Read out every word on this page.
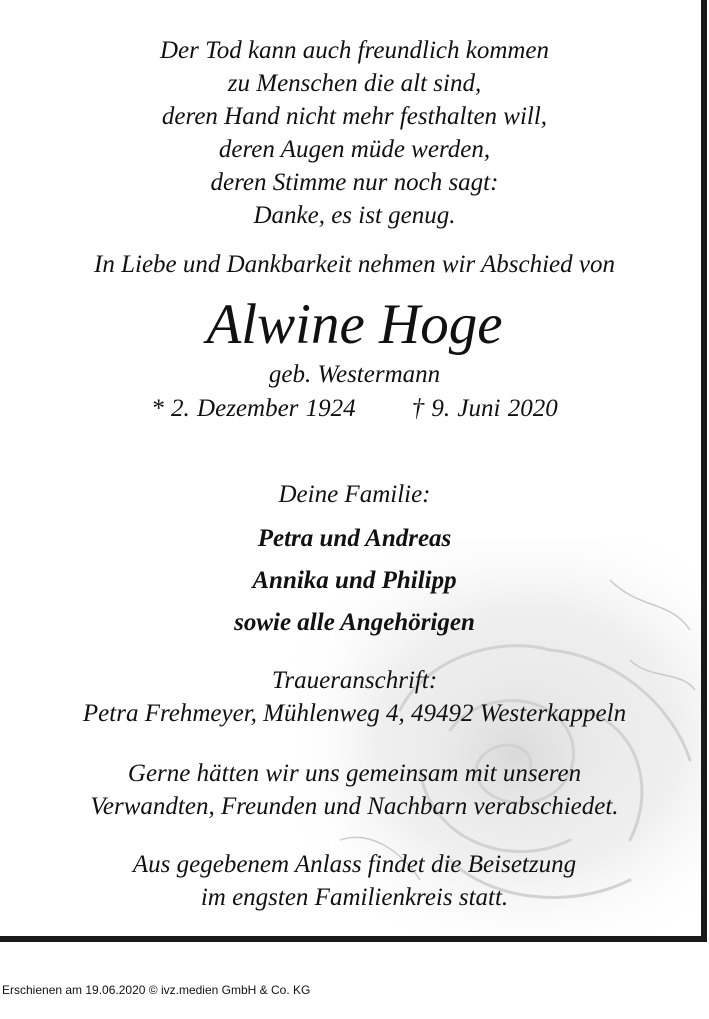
Der Tod kann auch freundlich kommen
zu Menschen die alt sind,
deren Hand nicht mehr festhalten will,
deren Augen müde werden,
deren Stimme nur noch sagt:
Danke, es ist genug.
In Liebe und Dankbarkeit nehmen wir Abschied von
Alwine Hoge
geb. Westermann
* 2. Dezember 1924 † 9. Juni 2020
Deine Familie:
Petra und Andreas
Annika und Philipp
sowie alle Angehörigen
Traueranschrift:
Petra Frehmeyer, Mühlenweg 4, 49492 Westerkappeln
Gerne hätten wir uns gemeinsam mit unseren
Verwandten, Freunden und Nachbarn verabschiedet.
Aus gegebenem Anlass findet die Beisetzung
im engsten Familienkreis statt.
Erschienen am 19.06.2020 © ivz.medien GmbH & Co. KG
